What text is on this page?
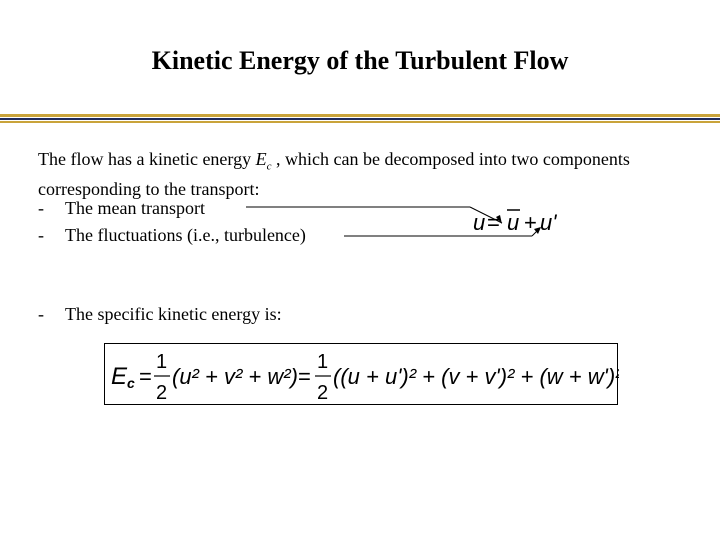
Kinetic Energy of the Turbulent Flow
The flow has a kinetic energy $E_c$ , which can be decomposed into two components corresponding to the transport:
- The mean transport
- The fluctuations (i.e., turbulence)
- The specific kinetic energy is:
u = u + u'
E c =
1
2
(u² + v² + w²) =
1
2
((u + u')² + (v + v')² + (w + w')²)
